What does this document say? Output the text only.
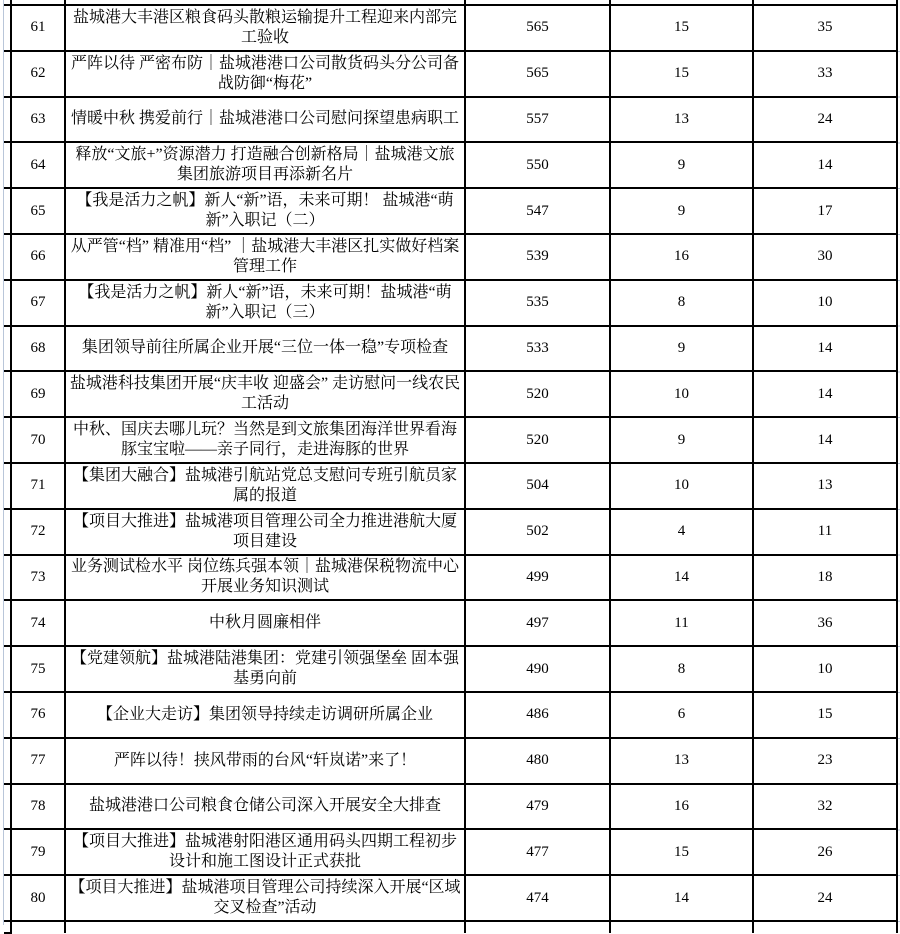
	61	盐城港大丰港区粮食码头散粮运输提升工程迎来内部完工验收	565	15	35
	62	严阵以待 严密布防｜盐城港港口公司散货码头分公司备战防御“梅花”	565	15	33
	63	情暖中秋 携爱前行｜盐城港港口公司慰问探望患病职工	557	13	24
	64	释放“文旅+”资源潜力 打造融合创新格局｜盐城港文旅集团旅游项目再添新名片	550	9	14
	65	【我是活力之帆】新人“新”语，未来可期！ 盐城港“萌新”入职记（二）	547	9	17
	66	从严管“档” 精准用“档” ｜盐城港大丰港区扎实做好档案管理工作	539	16	30
	67	【我是活力之帆】新人“新”语，未来可期！盐城港“萌新”入职记（三）	535	8	10
	68	集团领导前往所属企业开展“三位一体一稳”专项检查	533	9	14
	69	盐城港科技集团开展“庆丰收 迎盛会” 走访慰问一线农民工活动	520	10	14
	70	中秋、国庆去哪儿玩？当然是到文旅集团海洋世界看海豚宝宝啦——亲子同行，走进海豚的世界	520	9	14
	71	【集团大融合】盐城港引航站党总支慰问专班引航员家属的报道	504	10	13
	72	【项目大推进】盐城港项目管理公司全力推进港航大厦项目建设	502	4	11
	73	业务测试检水平 岗位练兵强本领｜盐城港保税物流中心开展业务知识测试	499	14	18
	74	中秋月圆廉相伴	497	11	36
	75	【党建领航】盐城港陆港集团：党建引领强堡垒 固本强基勇向前	490	8	10
	76	【企业大走访】集团领导持续走访调研所属企业	486	6	15
	77	严阵以待！挟风带雨的台风“轩岚诺”来了！	480	13	23
	78	盐城港港口公司粮食仓储公司深入开展安全大排查	479	16	32
	79	【项目大推进】盐城港射阳港区通用码头四期工程初步设计和施工图设计正式获批	477	15	26
	80	【项目大推进】盐城港项目管理公司持续深入开展“区域交叉检查”活动	474	14	24
